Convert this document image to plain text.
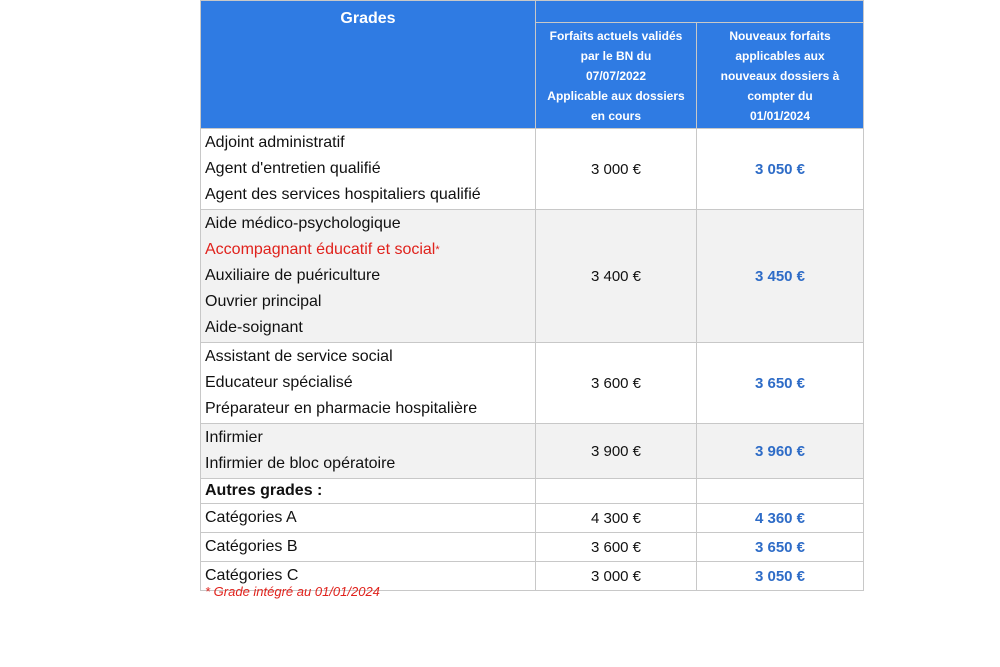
Grades		

	Forfaits actuels validés
par le BN du
07/07/2022
Applicable aux dossiers
en cours	Nouveaux forfaits
applicables aux
nouveaux dossiers à
compter du
01/01/2024

Adjoint administratif
Agent d'entretien qualifié
Agent des services hospitaliers qualifié	3 000 €	3 050 €

Aide médico-psychologique
Accompagnant éducatif et social*
Auxiliaire de puériculture
Ouvrier principal
Aide-soignant	3 400 €	3 450 €

Assistant de service social
Educateur spécialisé
Préparateur en pharmacie hospitalière	3 600 €	3 650 €

Infirmier
Infirmier de bloc opératoire	3 900 €	3 960 €
Autres grades :		
Catégories A	4 300 €	4 360 €
Catégories B	3 600 €	3 650 €
Catégories C	3 000 €	3 050 €
* Grade intégré au 01/01/2024
